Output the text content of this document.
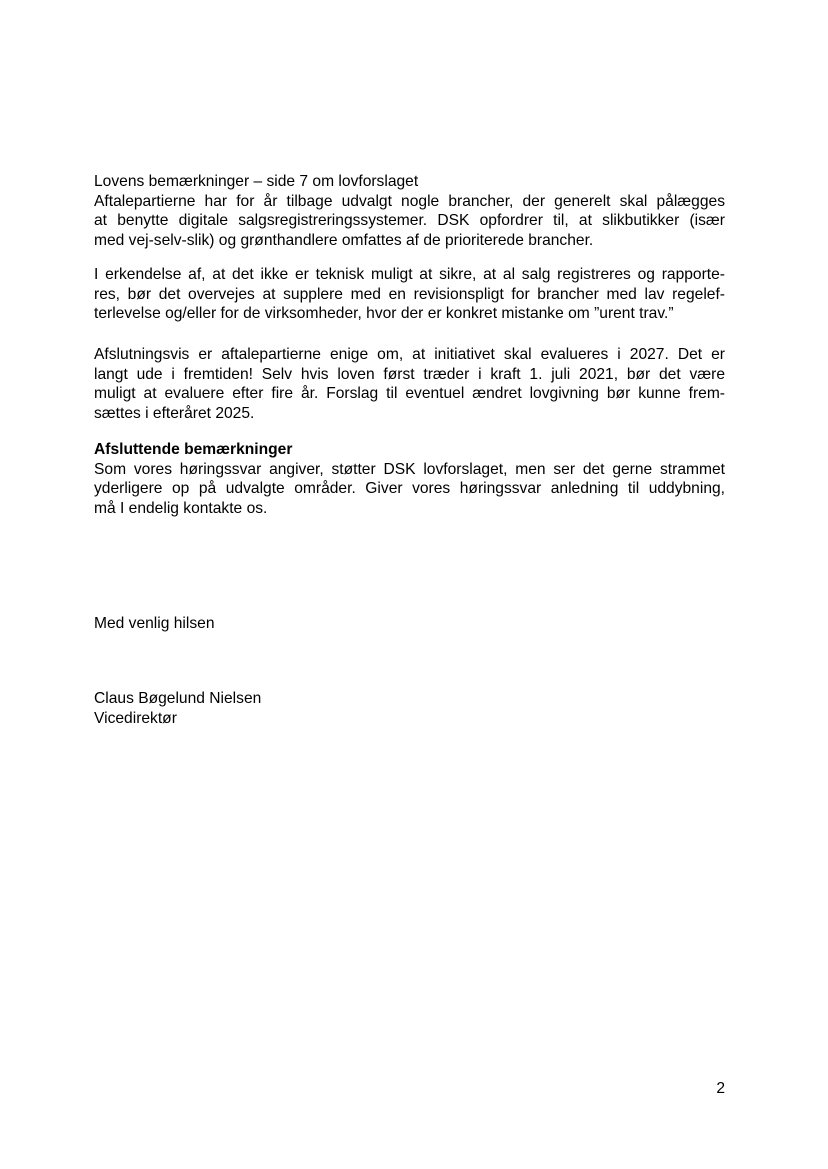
Lovens bemærkninger – side 7 om lovforslaget
Aftalepartierne har for år tilbage udvalgt nogle brancher, der generelt skal pålægges
at benytte digitale salgsregistreringssystemer. DSK opfordrer til, at slikbutikker (især
med vej-selv-slik) og grønthandlere omfattes af de prioriterede brancher.
I erkendelse af, at det ikke er teknisk muligt at sikre, at al salg registreres og rapporte-
res, bør det overvejes at supplere med en revisionspligt for brancher med lav regelef-
terlevelse og/eller for de virksomheder, hvor der er konkret mistanke om ”urent trav.”
Afslutningsvis er aftalepartierne enige om, at initiativet skal evalueres i 2027. Det er
langt ude i fremtiden! Selv hvis loven først træder i kraft 1. juli 2021, bør det være
muligt at evaluere efter fire år. Forslag til eventuel ændret lovgivning bør kunne frem-
sættes i efteråret 2025.
Afsluttende bemærkninger
Som vores høringssvar angiver, støtter DSK lovforslaget, men ser det gerne strammet
yderligere op på udvalgte områder. Giver vores høringssvar anledning til uddybning,
må I endelig kontakte os.
Med venlig hilsen
Claus Bøgelund Nielsen
Vicedirektør
2
